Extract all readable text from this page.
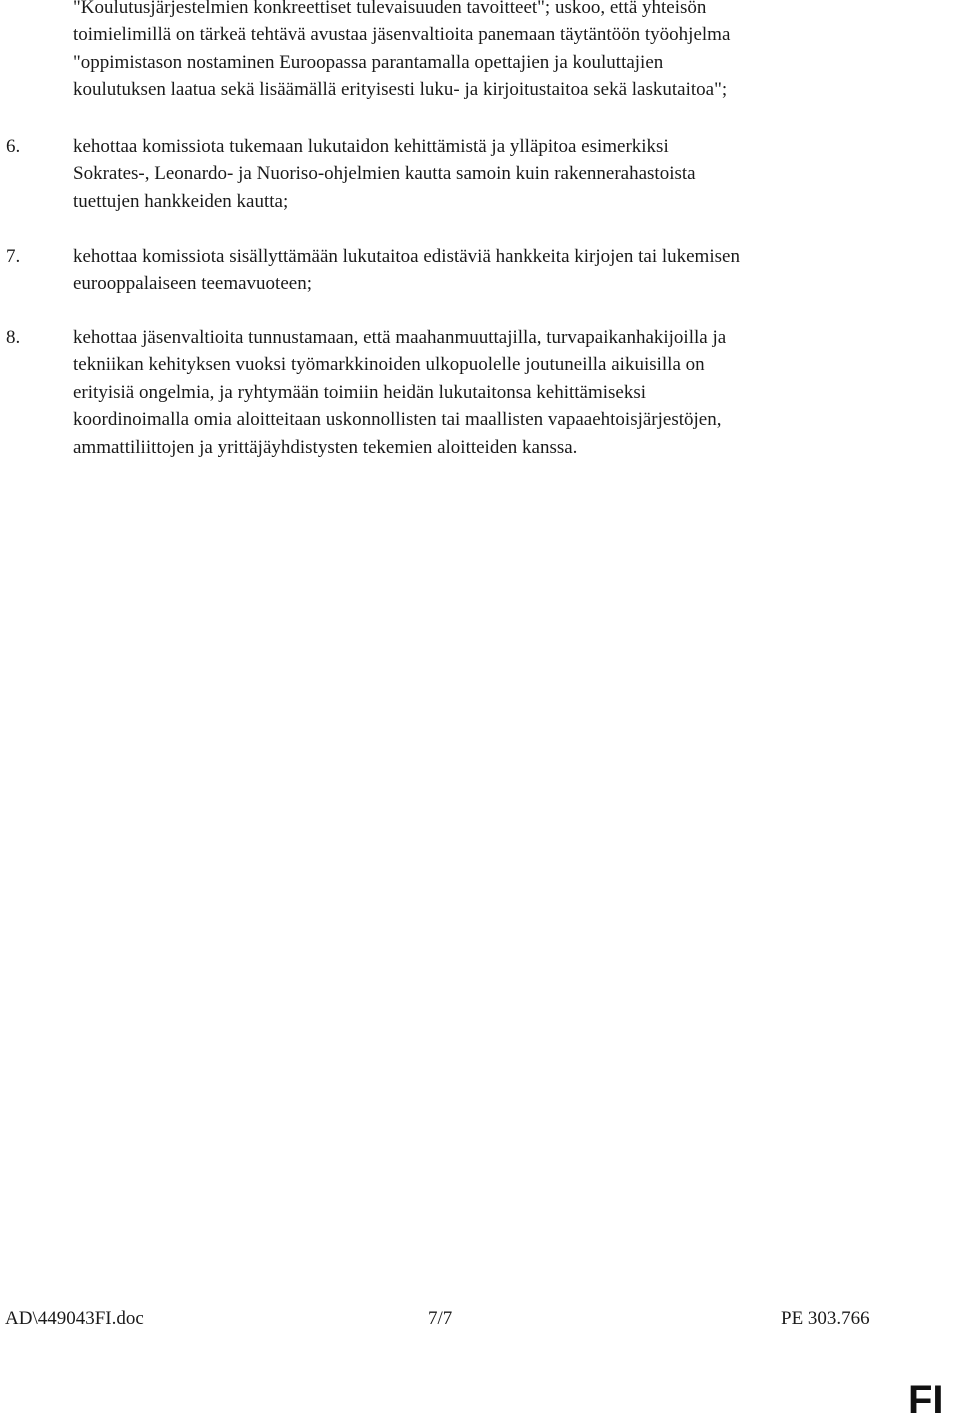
"Koulutusjärjestelmien konkreettiset tulevaisuuden tavoitteet"; uskoo, että yhteisön
toimielimillä on tärkeä tehtävä avustaa jäsenvaltioita panemaan täytäntöön työohjelma
"oppimistason nostaminen Euroopassa parantamalla opettajien ja kouluttajien
koulutuksen laatua sekä lisäämällä erityisesti luku- ja kirjoitustaitoa sekä laskutaitoa";
6.	kehottaa komissiota tukemaan lukutaidon kehittämistä ja ylläpitoa esimerkiksi
Sokrates-, Leonardo- ja Nuoriso-ohjelmien kautta samoin kuin rakennerahastoista
tuettujen hankkeiden kautta;
7.	kehottaa komissiota sisällyttämään lukutaitoa edistäviä hankkeita kirjojen tai lukemisen
eurooppalaiseen teemavuoteen;
8.	kehottaa jäsenvaltioita tunnustamaan, että maahanmuuttajilla, turvapaikanhakijoilla ja
tekniikan kehityksen vuoksi työmarkkinoiden ulkopuolelle joutuneilla aikuisilla on
erityisiä ongelmia, ja ryhtymään toimiin heidän lukutaitonsa kehittämiseksi
koordinoimalla omia aloitteitaan uskonnollisten tai maallisten vapaaehtoisjärjestöjen,
ammattiliittojen ja yrittäjäyhdistysten tekemien aloitteiden kanssa.
AD\449043FI.doc	7/7	PE 303.766
FI
